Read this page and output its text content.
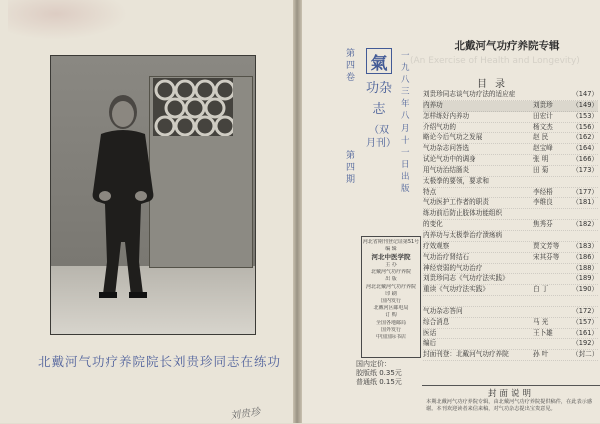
北戴河气功疗养院院长刘贵珍同志在练功
第四卷
氣
功杂志
（双月刊）
一九八三年八月十一日出版
第四期
河北省期刊登记证第51号
编 辑
河北中医学院
主 办
北戴河气功疗养院
出 版
河北北戴河气功疗养院
印 刷
国内发行
北戴河区邮电局
订 购
全国各地邮局
国外发行
中国国际书店
国内定价：
胶版纸 0.35元
普通纸 0.15元
北戴河气功疗养院专辑
(An Exercise of Health and Longevity)
目录
刘贵珍同志谈气功疗法的适应症	（147）
内养功	刘贵珍	（149）
怎样练好内养功	田宏计	（153）
介绍气功的	杨文杰	（156）
略论今后气功之发展	赵 民	（162）
气功杂志问答选	赵宝峰	（164）
试论气功中的调身	张 明	（166）
用气功治结肠炎	田 菊	（173）
太极拳的要领，要求和
特点	李经梧	（177）
气功医护工作者的职责	李维良	（181）
练功前后防止肢体功能组织
的变化	焦秀芬	（182）
内养功与太极拳治疗溃疡病
疗效观察	贾文芳等	（183）
气功治疗肾结石	宋其芬等	（186）
神经衰弱的气功治疗	（188）
刘贵珍同志《气功疗法实践》	（189）
重读《气功疗法实践》	白 丁	（190）
气功杂志答问	（172）
综合消息	马 光	（157）
医话	王卜雄	（161）
编后	（192）
封面刊登：北戴河气功疗养院	孙 叶	（封二）
封面说明
本期北戴河气功疗养院专辑，由北戴河气功疗养院提供稿件，在此表示感谢。本刊欢迎读者来信来稿，对气功杂志提出宝贵意见。
刘贵珍
